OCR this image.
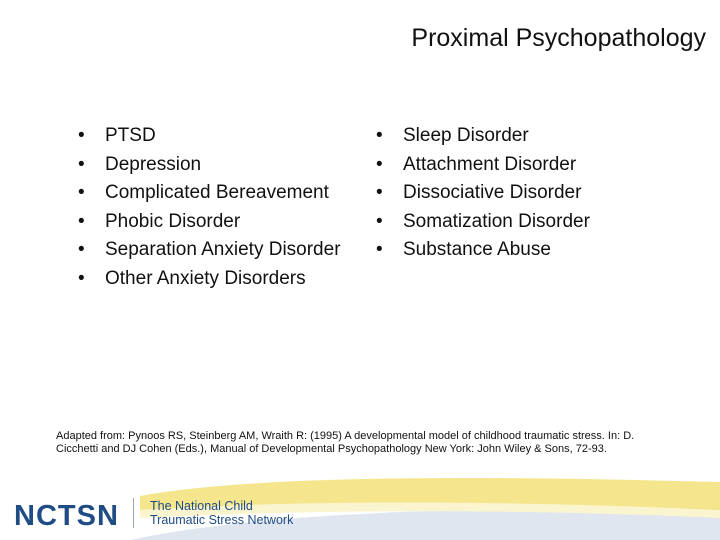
Proximal Psychopathology
• PTSD
• Depression
• Complicated Bereavement
• Phobic Disorder
• Separation Anxiety Disorder
• Other Anxiety Disorders
• Sleep Disorder
• Attachment Disorder
• Dissociative Disorder
• Somatization Disorder
• Substance Abuse

Adapted from: Pynoos RS, Steinberg AM, Wraith R: (1995) A developmental model of childhood traumatic stress. In: D. Cicchetti and DJ Cohen (Eds.), Manual of Developmental Psychopathology New York: John Wiley & Sons, 72-93.

NCTSN The National Child
Traumatic Stress Network
